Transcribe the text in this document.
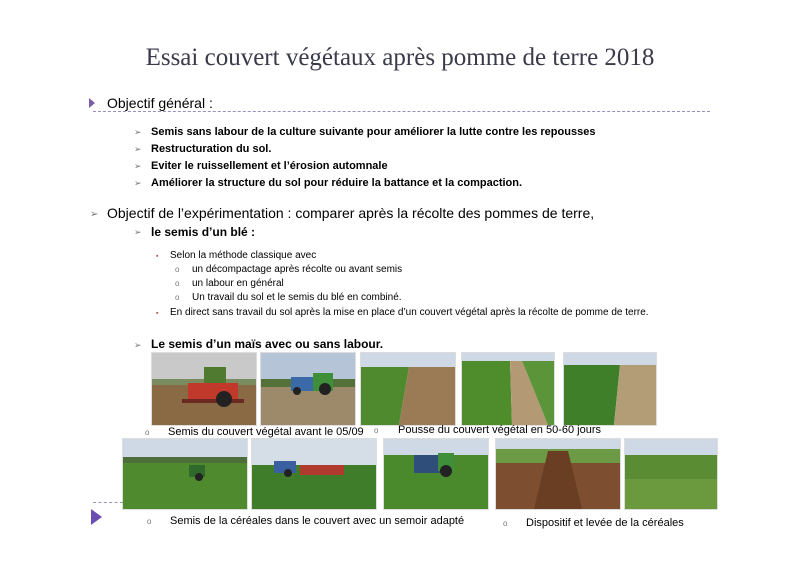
Essai couvert végétaux après pomme de terre 2018
Objectif général :
➢ Semis sans labour de la culture suivante pour améliorer la lutte contre les repousses
➢ Restructuration du sol.
➢ Eviter le ruissellement et l’érosion automnale
➢ Améliorer la structure du sol pour réduire la battance et la compaction.
➢ Objectif de l’expérimentation : comparer après la récolte des pommes de terre,
➢ le semis d’un blé :
▪ Selon la méthode classique avec
o un décompactage après récolte ou avant semis
o un labour en général
o Un travail du sol et le semis du blé en combiné.
▪ En direct sans travail du sol après la mise en place d’un couvert végétal après la récolte de pomme de terre.
➢ Le semis d’un maïs avec ou sans labour.
o Semis du couvert végétal avant le 05/09 o Pousse du couvert végétal en 50-60 jours
o Semis de la céréales dans le couvert avec un semoir adapté	o Dispositif et levée de la céréales
